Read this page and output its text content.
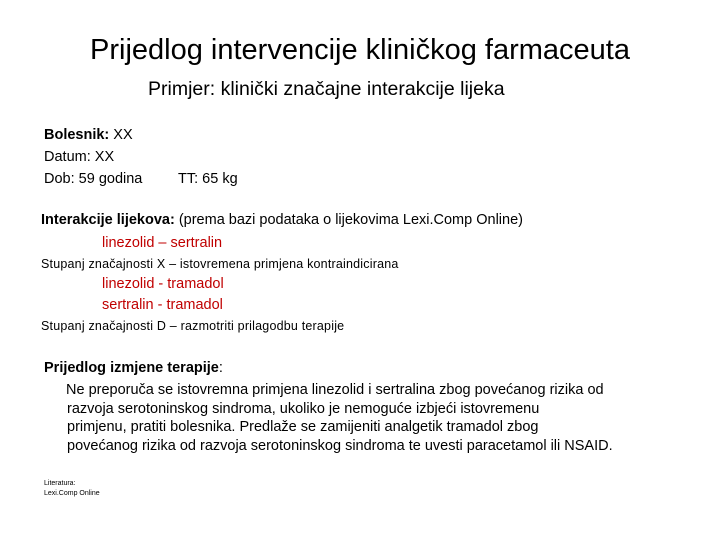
Prijedlog intervencije kliničkog farmaceuta
Primjer: klinički značajne interakcije lijeka
Bolesnik: XX
Datum: XX
Dob: 59 godina TT: 65 kg
Interakcije lijekova: (prema bazi podataka o lijekovima Lexi.Comp Online)
linezolid – sertralin
Stupanj značajnosti X – istovremena primjena kontraindicirana
linezolid - tramadol
sertralin - tramadol
Stupanj značajnosti D – razmotriti prilagodbu terapije
Prijedlog izmjene terapije:
Ne preporuča se istovremna primjena linezolid i sertralina zbog povećanog rizika od
razvoja serotoninskog sindroma, ukoliko je nemoguće izbjeći istovremenu
primjenu, pratiti bolesnika. Predlaže se zamijeniti analgetik tramadol zbog
povećanog rizika od razvoja serotoninskog sindroma te uvesti paracetamol ili NSAID.
Literatura:
Lexi.Comp Online
